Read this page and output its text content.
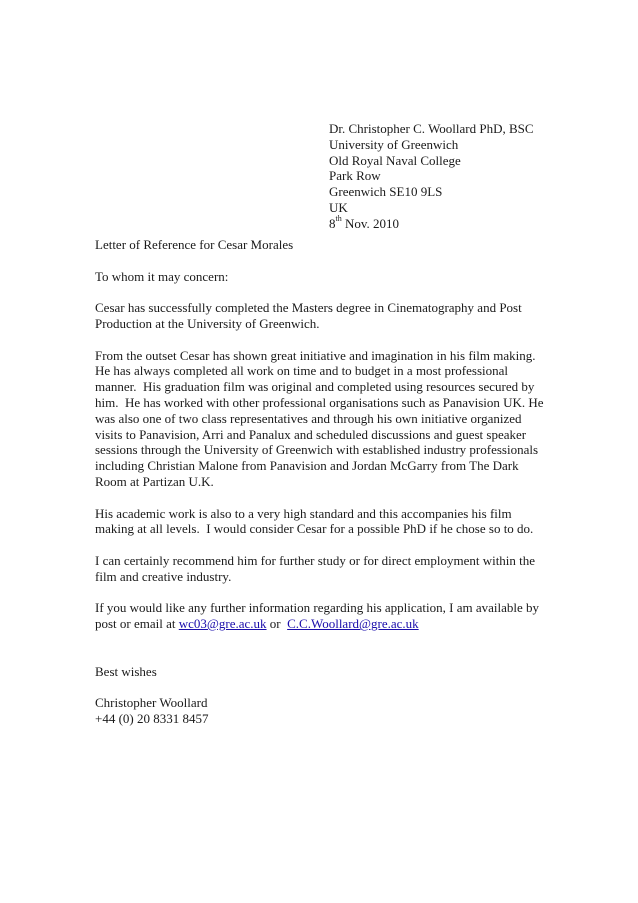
Dr. Christopher C. Woollard PhD, BSC
University of Greenwich
Old Royal Naval College
Park Row
Greenwich SE10 9LS
UK
8th Nov. 2010

Letter of Reference for Cesar Morales

To whom it may concern:

Cesar has successfully completed the Masters degree in Cinematography and Post
Production at the University of Greenwich.

From the outset Cesar has shown great initiative and imagination in his film making.
He has always completed all work on time and to budget in a most professional
manner.  His graduation film was original and completed using resources secured by
him.  He has worked with other professional organisations such as Panavision UK. He
was also one of two class representatives and through his own initiative organized
visits to Panavision, Arri and Panalux and scheduled discussions and guest speaker
sessions through the University of Greenwich with established industry professionals
including Christian Malone from Panavision and Jordan McGarry from The Dark
Room at Partizan U.K.

His academic work is also to a very high standard and this accompanies his film
making at all levels.  I would consider Cesar for a possible PhD if he chose so to do.

I can certainly recommend him for further study or for direct employment within the
film and creative industry.

If you would like any further information regarding his application, I am available by
post or email at wc03@gre.ac.uk or  C.C.Woollard@gre.ac.uk

Best wishes

Christopher Woollard
+44 (0) 20 8331 8457
